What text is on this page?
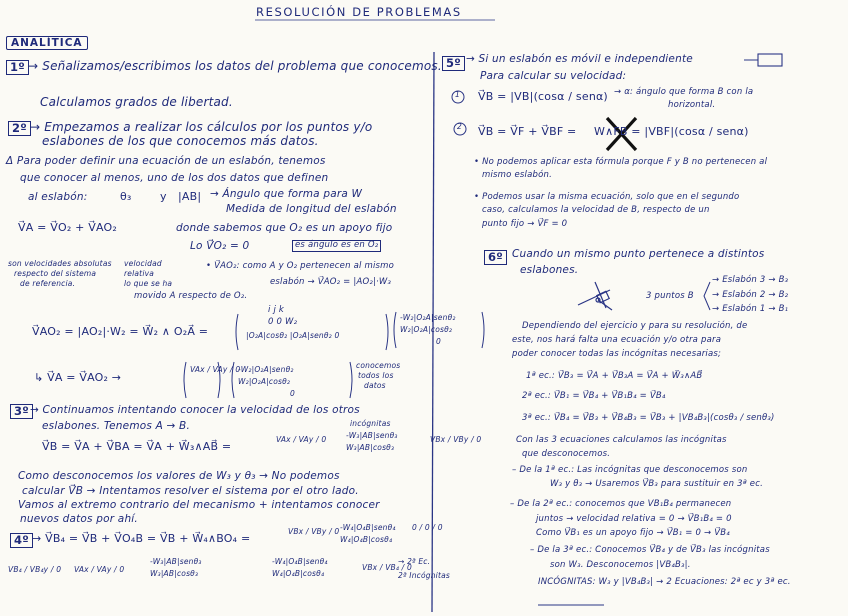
RESOLUCIÓN DE PROBLEMAS
ANALÍTICA
1º → Señalizamos/escribimos los datos del problema que conocemos.
Calculamos grados de libertad.
2º → Empezamos a realizar los cálculos por los puntos y/o
eslabones de los que conocemos más datos.
Δ Para poder definir una ecuación de un eslabón, tenemos
que conocer al menos, uno de los dos datos que definen
al eslabón:	θ₃	y |AB| → Ángulo que forma para W
Medida de longitud del eslabón
V⃗A = V⃗O₂ + V⃗AO₂	donde sabemos que O₂ es un apoyo fijo
Lo V⃗O₂ = 0	es ángulo es en O₂
son velocidades absolutas
respecto del sistema
de referencia.
velocidad
relativa
lo que se ha
movido A respecto de O₂.
• V⃗AO₂: como A y O₂ pertenecen al mismo
eslabón → V⃗AO₂ = |AO₂|·W₃
V⃗AO₂ = |AO₂|·W₂ = W⃗₂ ∧ O₂A⃗ =
i j k
0 0 W₂
|O₂A|cosθ₂ |O₂A|senθ₂ 0
-W₂|O₂A|senθ₂
W₂|O₂A|cosθ₂
0
↳ V⃗A = V⃗AO₂ →
VAx / VAy / 0
-W₂|O₂A|senθ₂
W₂|O₂A|cosθ₂
0
conocemos
todos los
datos
3º → Continuamos intentando conocer la velocidad de los otros
eslabones. Tenemos A → B.
V⃗B = V⃗A + V⃗BA = V⃗A + W⃗₃∧AB⃗ =
VAx / VAy / 0	-W₃|AB|senθ₃
W₃|AB|cosθ₃
VBx / VBy / 0
incógnitas
Como desconocemos los valores de W₃ y θ₃ → No podemos
calcular V⃗B → Intentamos resolver el sistema por el otro lado.
Vamos al extremo contrario del mecanismo + intentamos conocer
nuevos datos por ahí.
4º → V⃗B₄ = V⃗B + V⃗O₄B = V⃗B + W⃗₄∧BO₄ =
VBx / VBy / 0 -W₄|O₄B|senθ₄
W₄|O₄B|cosθ₄
0 / 0 / 0
VB₄ / VB₄y / 0 VAx / VAy / 0
-W₃|AB|senθ₃
W₃|AB|cosθ₃
-W₄|O₄B|senθ₄
W₄|O₄B|cosθ₄
VBx / VB₄ / 0
→ 2ª Ec.
2ª Incógnitas
5º → Si un eslabón es móvil e independiente
Para calcular su velocidad:
1 V⃗B = |VB|(cosα / senα) → α: ángulo que forma B con la
horizontal.
2 V⃗B = V⃗F + V⃗BF = W∧FB = |VBF|(cosα / senα)
• No podemos aplicar esta fórmula porque F y B no pertenecen al
mismo eslabón.
• Podemos usar la misma ecuación, solo que en el segundo
caso, calculamos la velocidad de B, respecto de un
punto fijo → V⃗F = 0
6º Cuando un mismo punto pertenece a distintos
eslabones.
3 puntos B
→ Eslabón 3 → B₃
→ Eslabón 2 → B₂
→ Eslabón 1 → B₁
Dependiendo del ejercicio y para su resolución, de
este, nos hará falta una ecuación y/o otra para
poder conocer todas las incógnitas necesarias;
1ª ec.: V⃗B₃ = V⃗A + V⃗B₃A = V⃗A + W⃗₃∧AB⃗
2ª ec.: V⃗B₁ = V⃗B₄ + V⃗B₁B₄ = V⃗B₄
3ª ec.: V⃗B₄ = V⃗B₃ + V⃗B₄B₃ = V⃗B₃ + |VB₄B₃|(cosθ₃ / senθ₃)
Con las 3 ecuaciones calculamos las incógnitas
que desconocemos.
– De la 1ª ec.: Las incógnitas que desconocemos son
W₃ y θ₃ → Usaremos V⃗B₃ para sustituir en 3ª ec.
– De la 2ª ec.: conocemos que VB₁B₄ permanecen
juntos → velocidad relativa = 0 → V⃗B₁B₄ = 0
Como V⃗B₁ es un apoyo fijo → V⃗B₁ = 0 → V⃗B₄
– De la 3ª ec.: Conocemos V⃗B₄ y de V⃗B₃ las incógnitas
son W₃. Desconocemos |VB₄B₃|.
INCÓGNITAS: W₃ y |VB₄B₃| → 2 Ecuaciones: 2ª ec y 3ª ec.
